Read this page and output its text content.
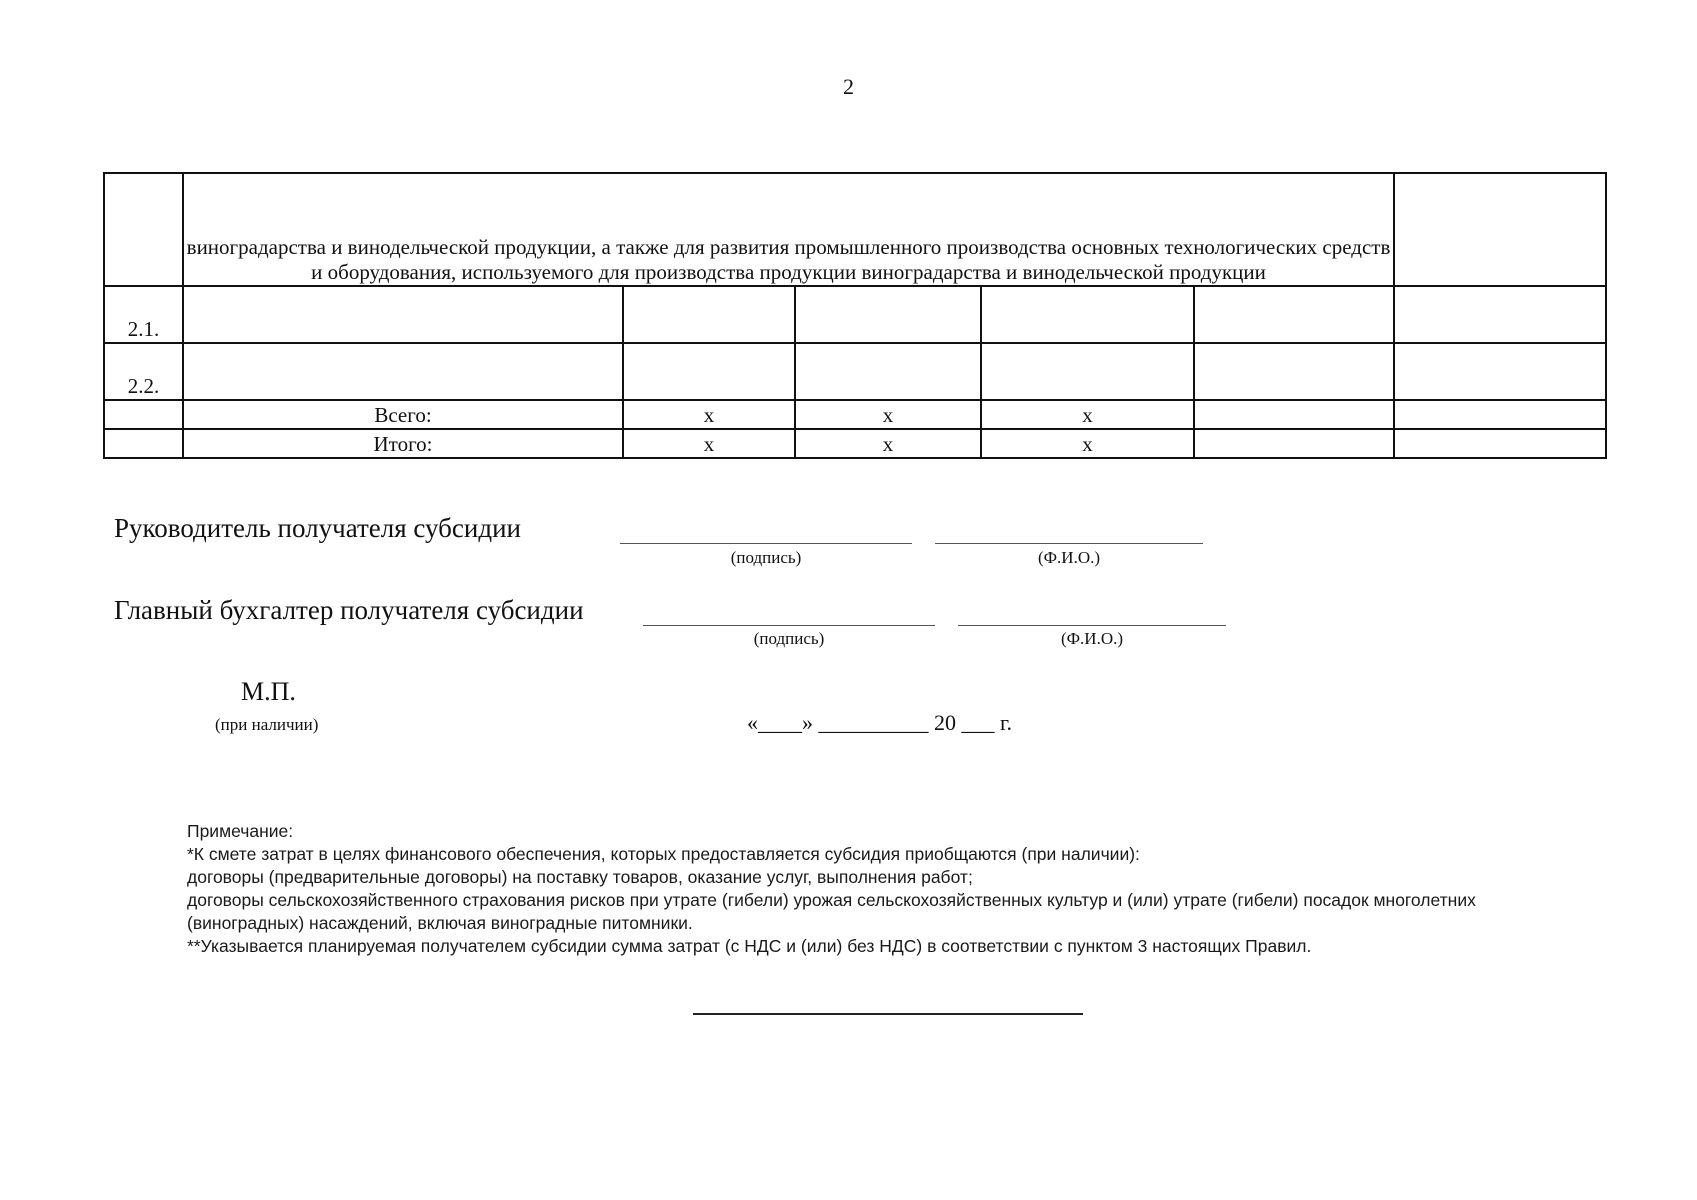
2
	виноградарства и винодельческой продукции, а также для развития промышленного производства основных технологических средств и оборудования, используемого для производства продукции виноградарства и винодельческой продукции					
2.1.						
2.2.						
	Всего:	х	х	х		
	Итого:	х	х	х		
Руководитель получателя субсидии
(подпись)	(Ф.И.О.)
Главный бухгалтер получателя субсидии
(подпись)	(Ф.И.О.)
М.П.
(при наличии)	«____» __________ 20 ___ г.
Примечание:
*К смете затрат в целях финансового обеспечения, которых предоставляется субсидия приобщаются (при наличии):
договоры (предварительные договоры) на поставку товаров, оказание услуг, выполнения работ;
договоры сельскохозяйственного страхования рисков при утрате (гибели) урожая сельскохозяйственных культур и (или) утрате (гибели) посадок многолетних (виноградных) насаждений, включая виноградные питомники.
**Указывается планируемая получателем субсидии сумма затрат (с НДС и (или) без НДС) в соответствии с пунктом 3 настоящих Правил.
